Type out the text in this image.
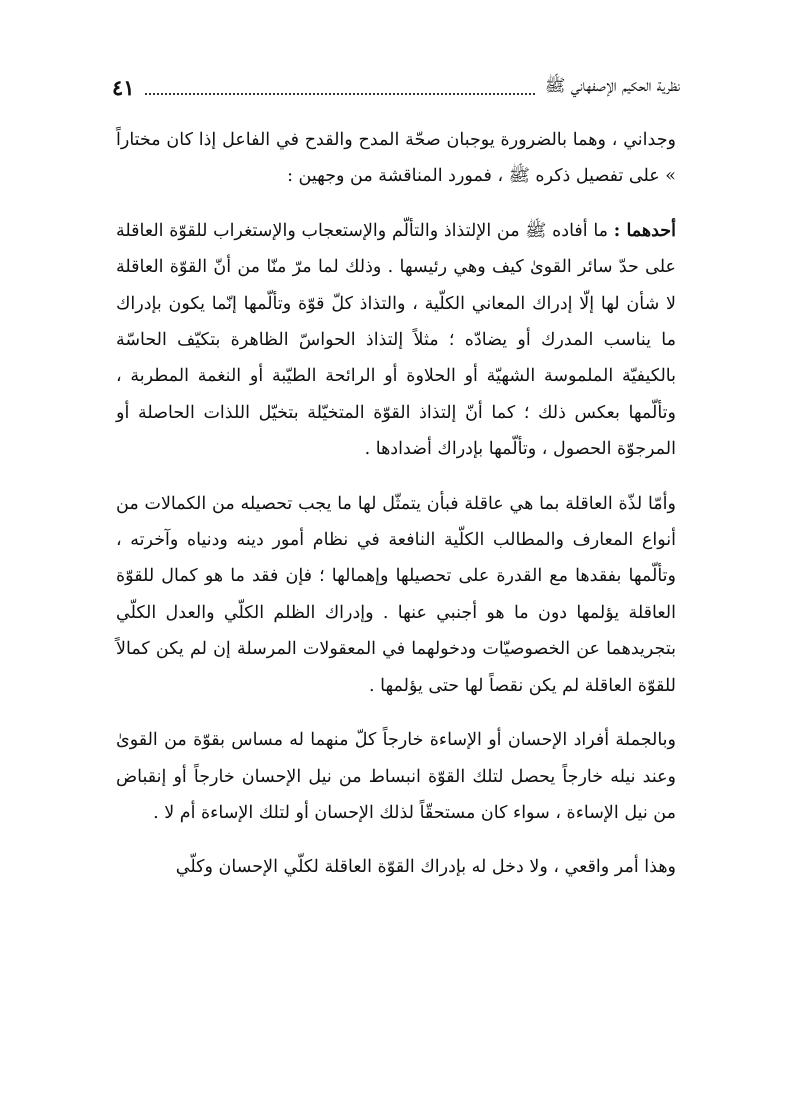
نظرية الحكيم الإصفهاني ﷺ
٤١

وجداني ، وهما بالضرورة يوجبان صحّة المدح والقدح في الفاعل إذا كان مختاراً » على تفصيل ذكره ﷺ ، فمورد المناقشة من وجهين :

أحدهما : ما أفاده ﷺ من الإلتذاذ والتألّم والإستعجاب والإستغراب للقوّة العاقلة على حدّ سائر القوىٰ كيف وهي رئيسها . وذلك لما مرّ منّا من أنّ القوّة العاقلة لا شأن لها إلّا إدراك المعاني الكلّية ، والتذاذ كلّ قوّة وتألّمها إنّما يكون بإدراك ما يناسب المدرك أو يضادّه ؛ مثلاً إلتذاذ الحواسّ الظاهرة بتكيّف الحاسّة بالكيفيّة الملموسة الشهيّة أو الحلاوة أو الرائحة الطيّبة أو النغمة المطربة ، وتألّمها بعكس ذلك ؛ كما أنّ إلتذاذ القوّة المتخيّلة بتخيّل اللذات الحاصلة أو المرجوّة الحصول ، وتألّمها بإدراك أضدادها .

وأمّا لذّة العاقلة بما هي عاقلة فبأن يتمثّل لها ما يجب تحصيله من الكمالات من أنواع المعارف والمطالب الكلّية النافعة في نظام أمور دينه ودنياه وآخرته ، وتألّمها بفقدها مع القدرة على تحصيلها وإهمالها ؛ فإن فقد ما هو كمال للقوّة العاقلة يؤلمها دون ما هو أجنبي عنها . وإدراك الظلم الكلّي والعدل الكلّي بتجريدهما عن الخصوصيّات ودخولهما في المعقولات المرسلة إن لم يكن كمالاً للقوّة العاقلة لم يكن نقصاً لها حتى يؤلمها .

وبالجملة أفراد الإحسان أو الإساءة خارجاً كلّ منهما له مساس بقوّة من القوىٰ وعند نيله خارجاً يحصل لتلك القوّة انبساط من نيل الإحسان خارجاً أو إنقباض من نيل الإساءة ، سواء كان مستحقّاً لذلك الإحسان أو لتلك الإساءة أم لا .

وهذا أمر واقعي ، ولا دخل له بإدراك القوّة العاقلة لكلّي الإحسان وكلّي
